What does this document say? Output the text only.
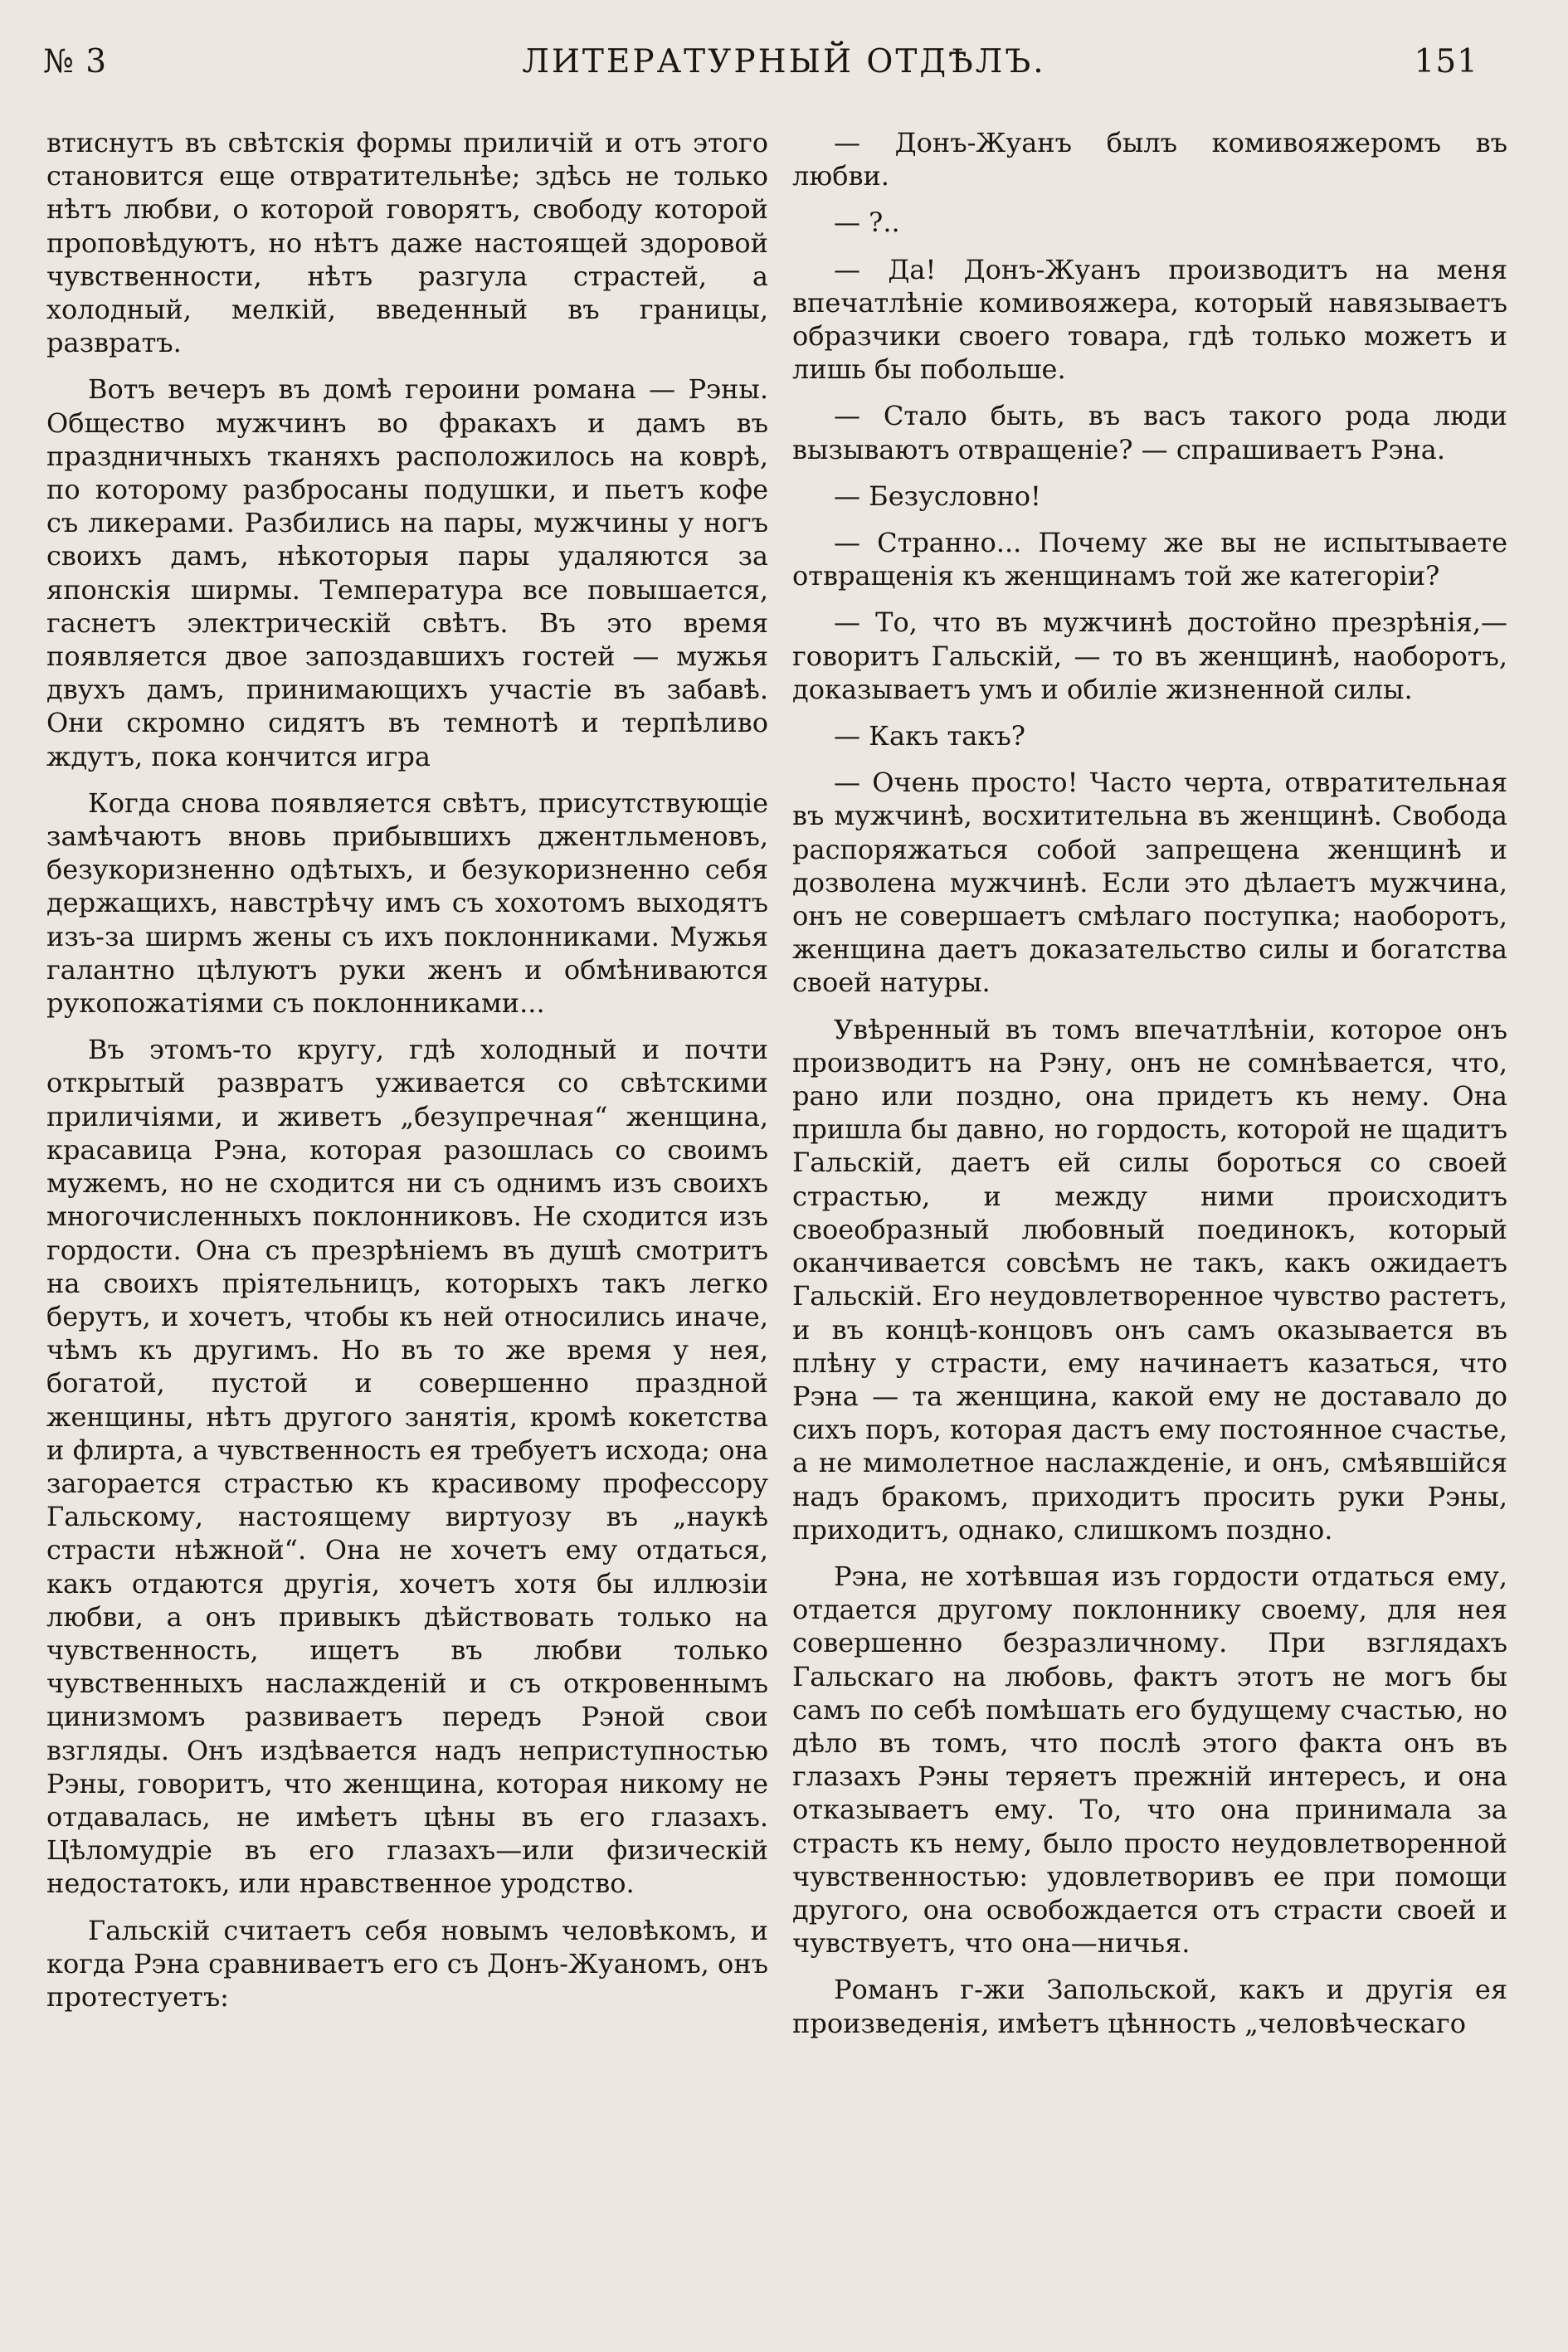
№ 3	ЛИТЕРАТУРНЫЙ ОТДѢЛЪ.	151

втиснутъ въ свѣтскія формы приличій и отъ этого становится еще отвратительнѣе; здѣсь не только нѣтъ любви, о которой говорятъ, свободу которой проповѣдуютъ, но нѣтъ даже настоящей здоровой чувственности, нѣтъ разгула страстей, а холодный, мелкій, введенный въ границы, развратъ.

Вотъ вечеръ въ домѣ героини романа — Рэны. Общество мужчинъ во фракахъ и дамъ въ праздничныхъ тканяхъ расположилось на коврѣ, по которому разбросаны подушки, и пьетъ кофе съ ликерами. Разбились на пары, мужчины у ногъ своихъ дамъ, нѣкоторыя пары удаляются за японскія ширмы. Температура все повышается, гаснетъ электрическій свѣтъ. Въ это время появляется двое запоздавшихъ гостей — мужья двухъ дамъ, принимающихъ участіе въ забавѣ. Они скромно сидятъ въ темнотѣ и терпѣливо ждутъ, пока кончится игра

Когда снова появляется свѣтъ, присутствующіе замѣчаютъ вновь прибывшихъ джентльменовъ, безукоризненно одѣтыхъ, и безукоризненно себя держащихъ, навстрѣчу имъ съ хохотомъ выходятъ изъ-за ширмъ жены съ ихъ поклонниками. Мужья галантно цѣлуютъ руки женъ и обмѣниваются рукопожатіями съ поклонниками...

Въ этомъ-то кругу, гдѣ холодный и почти открытый развратъ уживается со свѣтскими приличіями, и живетъ „безупречная“ женщина, красавица Рэна, которая разошлась со своимъ мужемъ, но не сходится ни съ однимъ изъ своихъ многочисленныхъ поклонниковъ. Не сходится изъ гордости. Она съ презрѣніемъ въ душѣ смотритъ на своихъ пріятельницъ, которыхъ такъ легко берутъ, и хочетъ, чтобы къ ней относились иначе, чѣмъ къ другимъ. Но въ то же время у нея, богатой, пустой и совершенно праздной женщины, нѣтъ другого занятія, кромѣ кокетства и флирта, а чувственность ея требуетъ исхода; она загорается страстью къ красивому профессору Гальскому, настоящему виртуозу въ „наукѣ страсти нѣжной“. Она не хочетъ ему отдаться, какъ отдаются другія, хочетъ хотя бы иллюзіи любви, а онъ привыкъ дѣйствовать только на чувственность, ищетъ въ любви только чувственныхъ наслажденій и съ откровеннымъ цинизмомъ развиваетъ передъ Рэной свои взгляды. Онъ издѣвается надъ неприступностью Рэны, говоритъ, что женщина, которая никому не отдавалась, не имѣетъ цѣны въ его глазахъ. Цѣломудріе въ его глазахъ—или физическій недостатокъ, или нравственное уродство.

Гальскій считаетъ себя новымъ человѣкомъ, и когда Рэна сравниваетъ его съ Донъ-Жуаномъ, онъ протестуетъ:

— Донъ-Жуанъ былъ комивояжеромъ въ любви.

— ?..

— Да! Донъ-Жуанъ производитъ на меня впечатлѣніе комивояжера, который навязываетъ образчики своего товара, гдѣ только можетъ и лишь бы побольше.

— Стало быть, въ васъ такого рода люди вызываютъ отвращеніе? — спрашиваетъ Рэна.

— Безусловно!

— Странно... Почему же вы не испытываете отвращенія къ женщинамъ той же категоріи?

— То, что въ мужчинѣ достойно презрѣнія,— говоритъ Гальскій, — то въ женщинѣ, наоборотъ, доказываетъ умъ и обиліе жизненной силы.

— Какъ такъ?

— Очень просто! Часто черта, отвратительная въ мужчинѣ, восхитительна въ женщинѣ. Свобода распоряжаться собой запрещена женщинѣ и дозволена мужчинѣ. Если это дѣлаетъ мужчина, онъ не совершаетъ смѣлаго поступка; наоборотъ, женщина даетъ доказательство силы и богатства своей натуры.

Увѣренный въ томъ впечатлѣніи, которое онъ производитъ на Рэну, онъ не сомнѣвается, что, рано или поздно, она придетъ къ нему. Она пришла бы давно, но гордость, которой не щадитъ Гальскій, даетъ ей силы бороться со своей страстью, и между ними происходитъ своеобразный любовный поединокъ, который оканчивается совсѣмъ не такъ, какъ ожидаетъ Гальскій. Его неудовлетворенное чувство растетъ, и въ концѣ-концовъ онъ самъ оказывается въ плѣну у страсти, ему начинаетъ казаться, что Рэна — та женщина, какой ему не доставало до сихъ поръ, которая дастъ ему постоянное счастье, а не мимолетное наслажденіе, и онъ, смѣявшійся надъ бракомъ, приходитъ просить руки Рэны, приходитъ, однако, слишкомъ поздно.

Рэна, не хотѣвшая изъ гордости отдаться ему, отдается другому поклоннику своему, для нея совершенно безразличному. При взглядахъ Гальскаго на любовь, фактъ этотъ не могъ бы самъ по себѣ помѣшать его будущему счастью, но дѣло въ томъ, что послѣ этого факта онъ въ глазахъ Рэны теряетъ прежній интересъ, и она отказываетъ ему. То, что она принимала за страсть къ нему, было просто неудовлетворенной чувственностью: удовлетворивъ ее при помощи другого, она освобождается отъ страсти своей и чувствуетъ, что она—ничья.

Романъ г-жи Запольской, какъ и другія ея произведенія, имѣетъ цѣнность „человѣческаго
